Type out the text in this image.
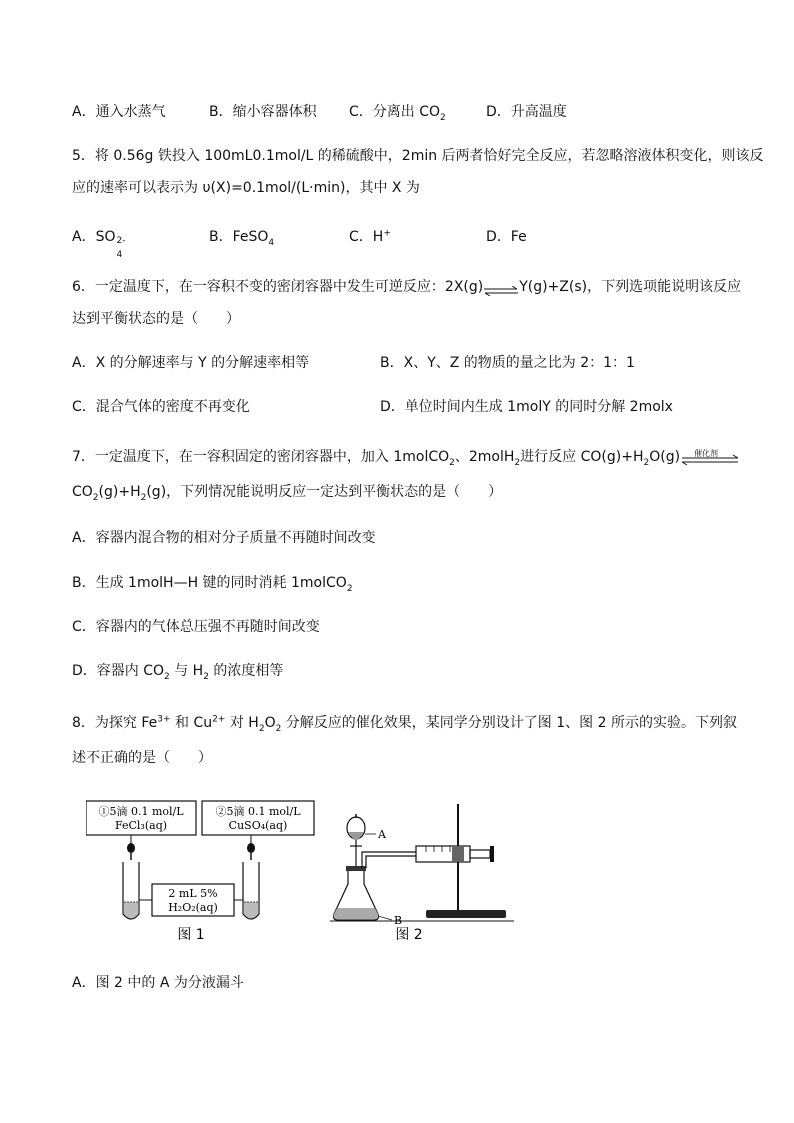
A．通入水蒸气	B．缩小容器体积 C．分离出 $CO_2$	D．升高温度
5．将 0.56g 铁投入 100mL0.1mol/L 的稀硫酸中，2min 后两者恰好完全反应，若忽略溶液体积变化，则该反
应的速率可以表示为 υ(X)=0.1mol/(L·min)，其中 X 为
A．SO 2-
4
B．FeSO$_4$	C．H+	D．Fe
6．一定温度下，在一容积不变的密闭容器中发生可逆反应：2X(g)⇌Y(g)+Z(s)，下列选项能说明该反应
达到平衡状态的是（　　）
A．X 的分解速率与 Y 的分解速率相等	B．X、Y、Z 的物质的量之比为 2：1：1
C．混合气体的密度不再变化	D．单位时间内生成 1molY 的同时分解 2molx
7．一定温度下，在一容积固定的密闭容器中，加入 1molCO$_2$、2molH$_2$进行反应 $CO(g)+H_2O(g)$ 催化剂
$CO_2(g)+H_2(g)$，下列情况能说明反应一定达到平衡状态的是（　　）
A．容器内混合物的相对分子质量不再随时间改变
B．生成 1molH—H 键的同时消耗 1molCO$_2$
C．容器内的气体总压强不再随时间改变
D．容器内 $CO_2$ 与 $H_2$ 的浓度相等
8．为探究 $Fe^{3+}$ 和 $Cu^{2+}$ 对 $H_2O_2$ 分解反应的催化效果，某同学分别设计了图 1、图 2 所示的实验。下列叙
述不正确的是（　　）
①5滴 0.1 mol/L
FeCl₃(aq)
②5滴 0.1 mol/L
CuSO₄(aq)
2 mL 5%
H₂O₂(aq)
A
B
图 1	图 2
A．图 2 中的 A 为分液漏斗
